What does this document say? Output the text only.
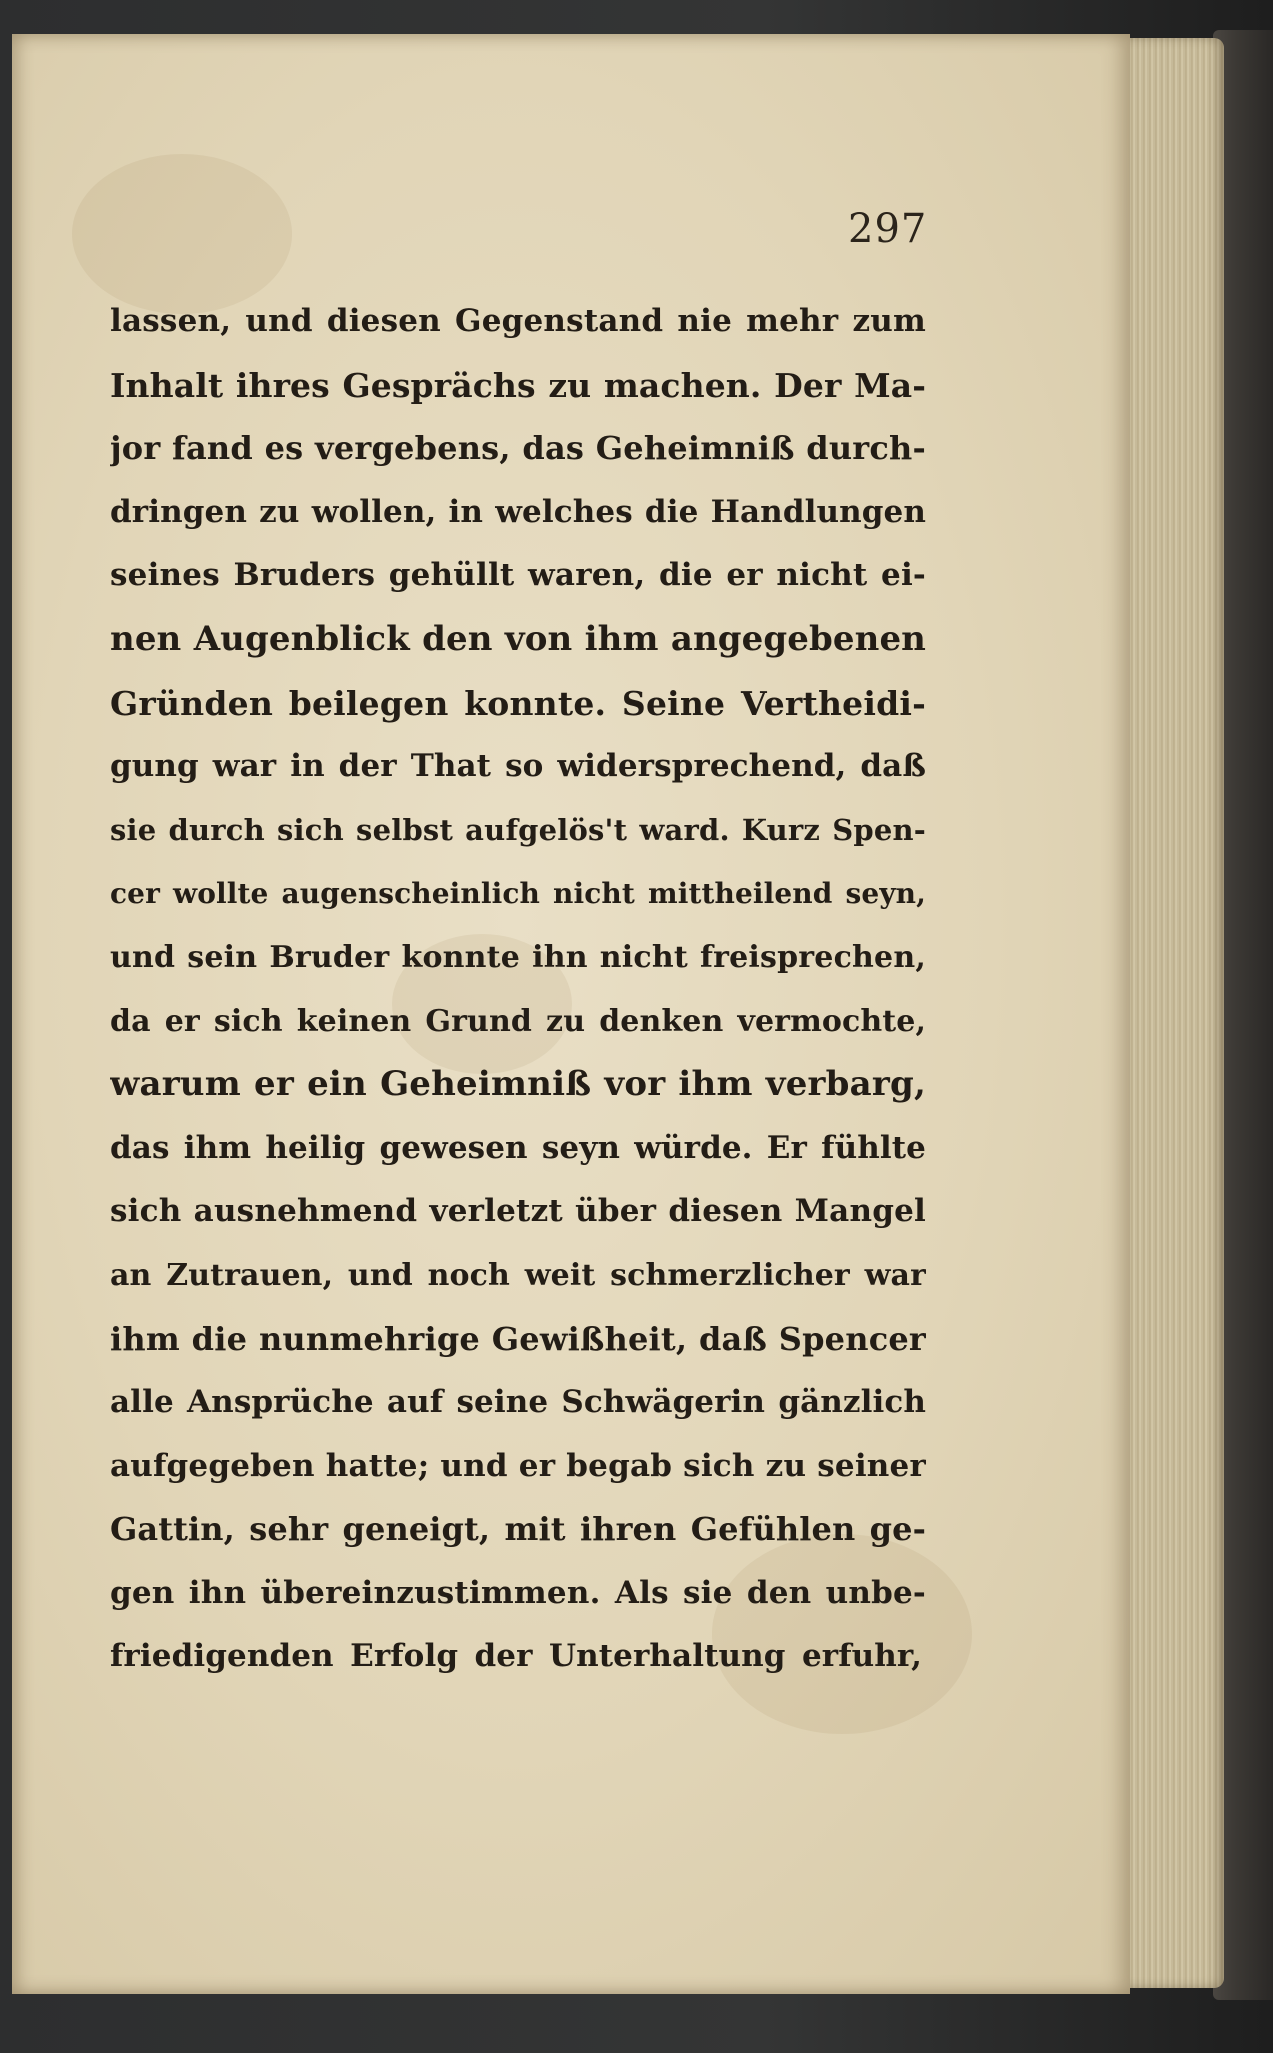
297
lassen, und diesen Gegenstand nie mehr zum
Inhalt ihres Gesprächs zu machen. Der Ma-
jor fand es vergebens, das Geheimniß durch-
dringen zu wollen, in welches die Handlungen
seines Bruders gehüllt waren, die er nicht ei-
nen Augenblick den von ihm angegebenen
Gründen beilegen konnte. Seine Vertheidi-
gung war in der That so widersprechend, daß
sie durch sich selbst aufgelös't ward. Kurz Spen-
cer wollte augenscheinlich nicht mittheilend seyn,
und sein Bruder konnte ihn nicht freisprechen,
da er sich keinen Grund zu denken vermochte,
warum er ein Geheimniß vor ihm verbarg,
das ihm heilig gewesen seyn würde. Er fühlte
sich ausnehmend verletzt über diesen Mangel
an Zutrauen, und noch weit schmerzlicher war
ihm die nunmehrige Gewißheit, daß Spencer
alle Ansprüche auf seine Schwägerin gänzlich
aufgegeben hatte; und er begab sich zu seiner
Gattin, sehr geneigt, mit ihren Gefühlen ge-
gen ihn übereinzustimmen. Als sie den unbe-
friedigenden Erfolg der Unterhaltung erfuhr,
